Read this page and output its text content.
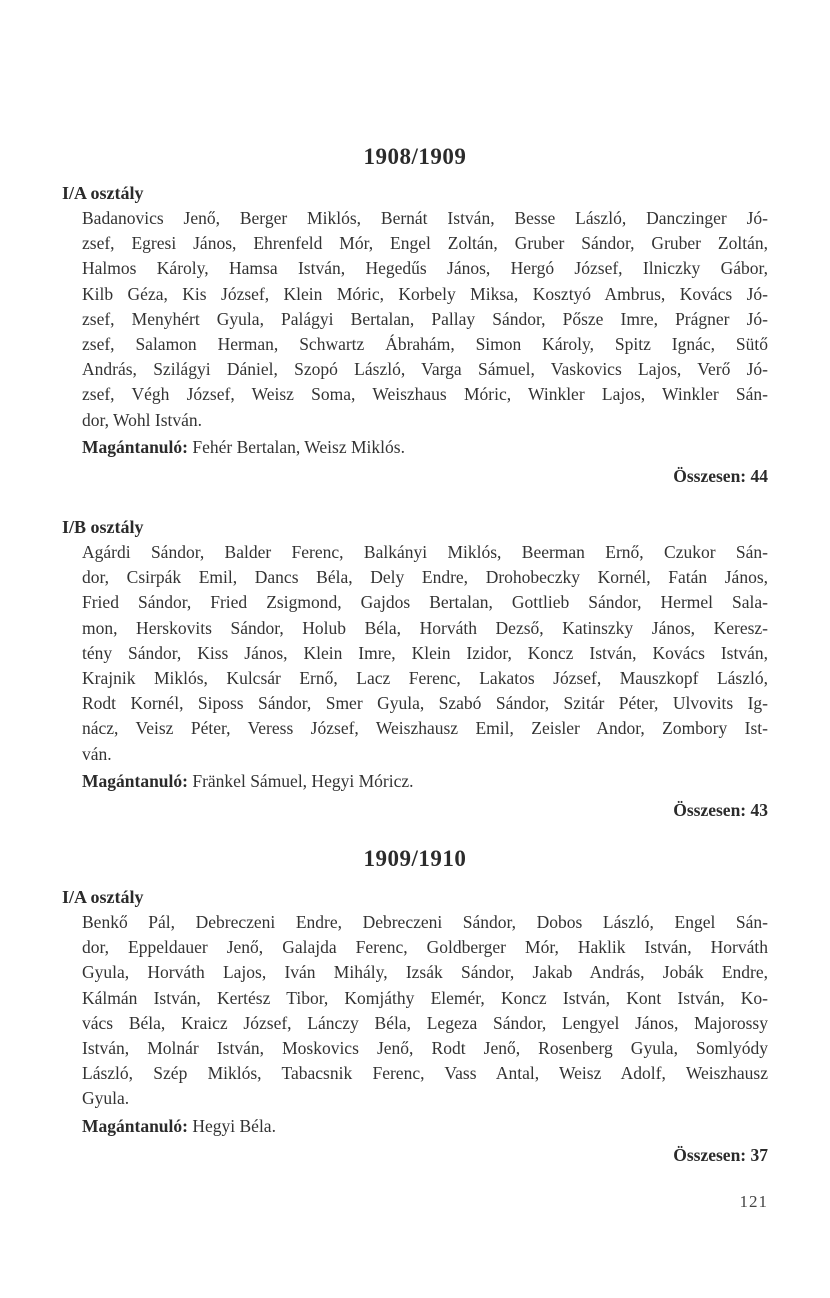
1908/1909
I/A osztály
Badanovics Jenő, Berger Miklós, Bernát István, Besse László, Danczinger Jó-
zsef, Egresi János, Ehrenfeld Mór, Engel Zoltán, Gruber Sándor, Gruber Zoltán,
Halmos Károly, Hamsa István, Hegedűs János, Hergó József, Ilniczky Gábor,
Kilb Géza, Kis József, Klein Móric, Korbely Miksa, Kosztyó Ambrus, Kovács Jó-
zsef, Menyhért Gyula, Palágyi Bertalan, Pallay Sándor, Pősze Imre, Prágner Jó-
zsef, Salamon Herman, Schwartz Ábrahám, Simon Károly, Spitz Ignác, Sütő
András, Szilágyi Dániel, Szopó László, Varga Sámuel, Vaskovics Lajos, Verő Jó-
zsef, Végh József, Weisz Soma, Weiszhaus Móric, Winkler Lajos, Winkler Sán-
dor, Wohl István.
Magántanuló: Fehér Bertalan, Weisz Miklós.
Összesen: 44
I/B osztály
Agárdi Sándor, Balder Ferenc, Balkányi Miklós, Beerman Ernő, Czukor Sán-
dor, Csirpák Emil, Dancs Béla, Dely Endre, Drohobeczky Kornél, Fatán János,
Fried Sándor, Fried Zsigmond, Gajdos Bertalan, Gottlieb Sándor, Hermel Sala-
mon, Herskovits Sándor, Holub Béla, Horváth Dezső, Katinszky János, Keresz-
tény Sándor, Kiss János, Klein Imre, Klein Izidor, Koncz István, Kovács István,
Krajnik Miklós, Kulcsár Ernő, Lacz Ferenc, Lakatos József, Mauszkopf László,
Rodt Kornél, Siposs Sándor, Smer Gyula, Szabó Sándor, Szitár Péter, Ulvovits Ig-
nácz, Veisz Péter, Veress József, Weiszhausz Emil, Zeisler Andor, Zombory Ist-
ván.
Magántanuló: Fränkel Sámuel, Hegyi Móricz.
Összesen: 43
1909/1910
I/A osztály
Benkő Pál, Debreczeni Endre, Debreczeni Sándor, Dobos László, Engel Sán-
dor, Eppeldauer Jenő, Galajda Ferenc, Goldberger Mór, Haklik István, Horváth
Gyula, Horváth Lajos, Iván Mihály, Izsák Sándor, Jakab András, Jobák Endre,
Kálmán István, Kertész Tibor, Komjáthy Elemér, Koncz István, Kont István, Ko-
vács Béla, Kraicz József, Lánczy Béla, Legeza Sándor, Lengyel János, Majorossy
István, Molnár István, Moskovics Jenő, Rodt Jenő, Rosenberg Gyula, Somlyódy
László, Szép Miklós, Tabacsnik Ferenc, Vass Antal, Weisz Adolf, Weiszhausz
Gyula.
Magántanuló: Hegyi Béla.
Összesen: 37
121
